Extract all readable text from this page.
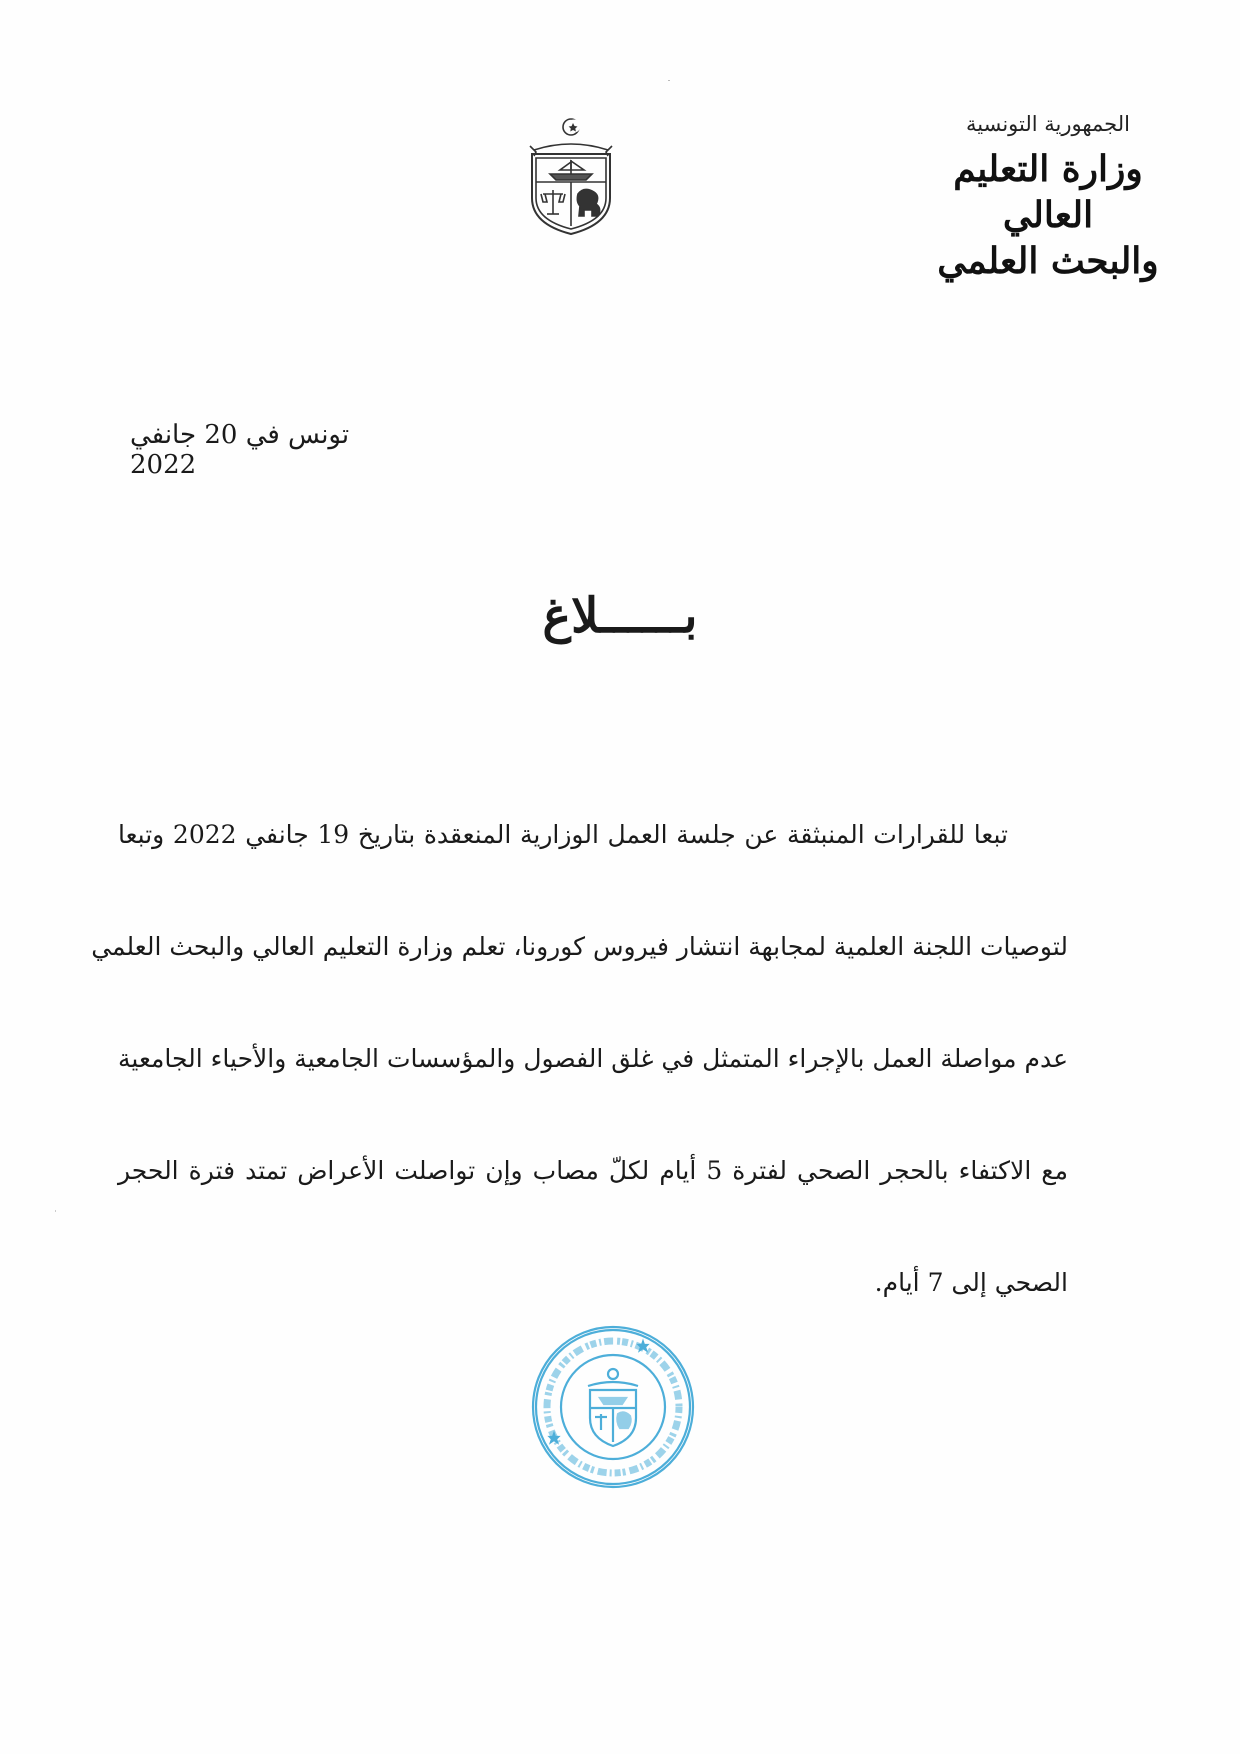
الجمهورية التونسية
وزارة التعليم العالي
والبحث العلمي
تونس في 20 جانفي 2022
بــــــلاغ
تبعا للقرارات المنبثقة عن جلسة العمل الوزارية المنعقدة بتاريخ 19 جانفي 2022 وتبعا
لتوصيات اللجنة العلمية لمجابهة انتشار فيروس كورونا، تعلم وزارة التعليم العالي والبحث العلمي
عدم مواصلة العمل بالإجراء المتمثل في غلق الفصول والمؤسسات الجامعية والأحياء الجامعية
مع الاكتفاء بالحجر الصحي لفترة 5 أيام لكلّ مصاب وإن تواصلت الأعراض تمتد فترة الحجر
الصحي إلى 7 أيام.
